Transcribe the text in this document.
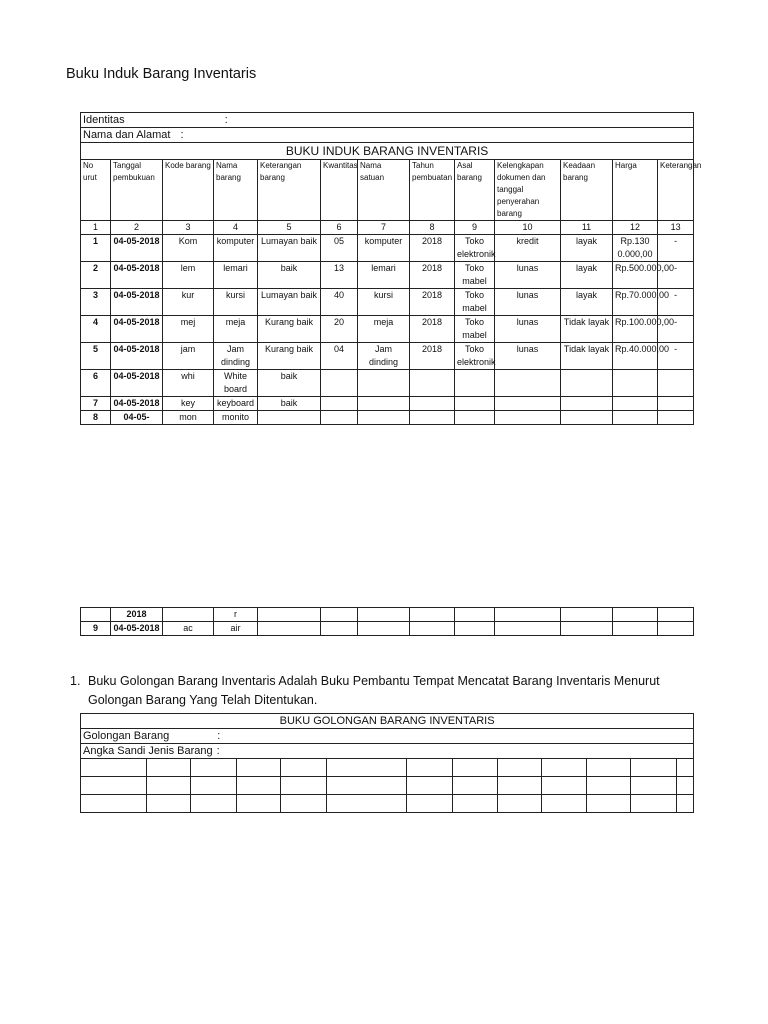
Buku Induk Barang Inventaris
Identitas :												
Nama dan Alamat :												
BUKU INDUK BARANG INVENTARIS												
No urut	Tanggal pembukuan	Kode barang	Nama barang	Keterangan barang	Kwantitas	Nama satuan	Tahun pembuatan	Asal barang	Kelengkapan dokumen dan tanggal penyerahan barang	Keadaan barang	Harga	Keterangan
1	2	3	4	5	6	7	8	9	10	11	12	13
1	04-05-2018	Kom	komputer	Lumayan baik	05	komputer	2018	Toko elektronik	kredit	layak	Rp.130 0.000,00	-
2	04-05-2018	lem	lemari	baik	13	lemari	2018	Toko mabel	lunas	layak	Rp.500.000,00	-
3	04-05-2018	kur	kursi	Lumayan baik	40	kursi	2018	Toko mabel	lunas	layak	Rp.70.000,00	-
4	04-05-2018	mej	meja	Kurang baik	20	meja	2018	Toko mabel	lunas	Tidak layak	Rp.100.000,00	-
5	04-05-2018	jam	Jam dinding	Kurang baik	04	Jam dinding	2018	Toko elektronik	lunas	Tidak layak	Rp.40.000,00	-
6	04-05-2018	whi	White board	baik								
7	04-05-2018	key	keyboard	baik								
8	04-05-	mon	monito									
	2018		r									
9	04-05-2018	ac	air									
1. Buku Golongan Barang Inventaris Adalah Buku Pembantu Tempat Mencatat Barang Inventaris Menurut Golongan Barang Yang Telah Ditentukan.
BUKU GOLONGAN BARANG INVENTARIS												
Golongan Barang :												
Angka Sandi Jenis Barang :												
